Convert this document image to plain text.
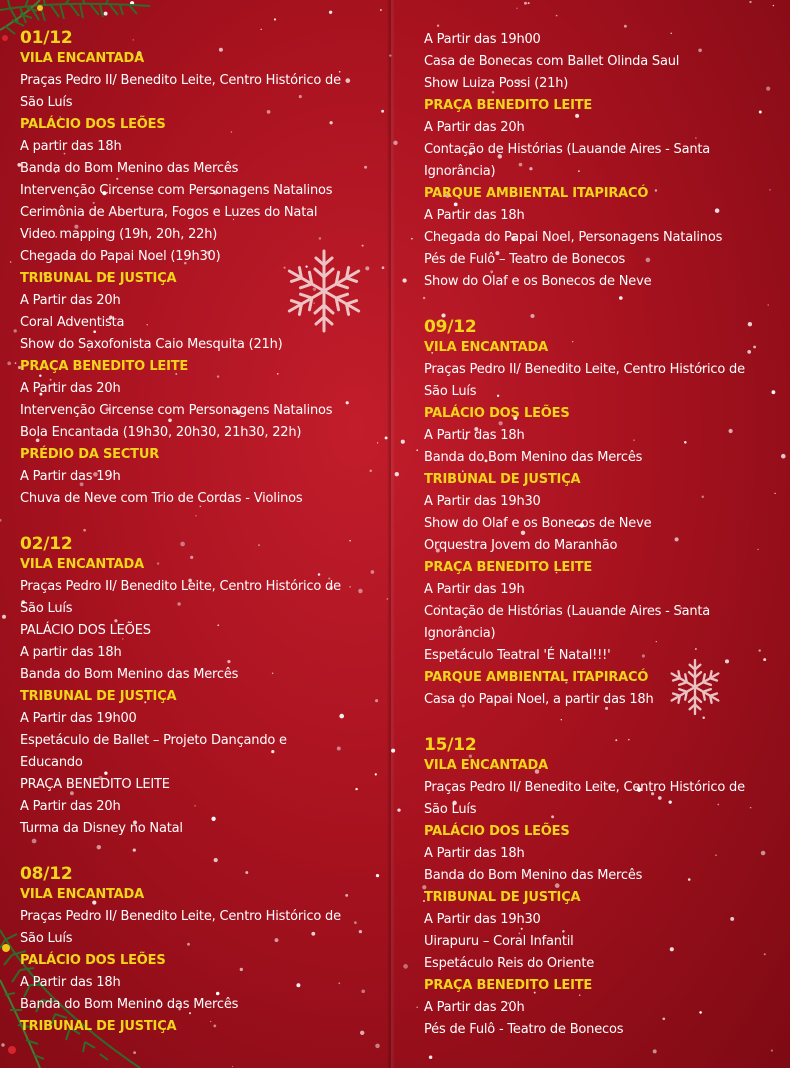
01/12
VILA ENCANTADA
Praças Pedro II/ Benedito Leite, Centro Histórico de
São Luís
PALÁCIO DOS LEÕES
A partir das 18h
Banda do Bom Menino das Mercês
Intervenção Circense com Personagens Natalinos
Cerimônia de Abertura, Fogos e Luzes do Natal
Video mapping (19h, 20h, 22h)
Chegada do Papai Noel (19h30)
TRIBUNAL DE JUSTIÇA
A Partir das 20h
Coral Adventista
Show do Saxofonista Caio Mesquita (21h)
PRAÇA BENEDITO LEITE
A Partir das 20h
Intervenção Circense com Personagens Natalinos
Bola Encantada (19h30, 20h30, 21h30, 22h)
PRÉDIO DA SECTUR
A Partir das 19h
Chuva de Neve com Trio de Cordas - Violinos
02/12
VILA ENCANTADA
Praças Pedro II/ Benedito Leite, Centro Histórico de
São Luís
PALÁCIO DOS LEÕES
A partir das 18h
Banda do Bom Menino das Mercês
TRIBUNAL DE JUSTIÇA
A Partir das 19h00
Espetáculo de Ballet – Projeto Dançando e
Educando
PRAÇA BENEDITO LEITE
A Partir das 20h
Turma da Disney no Natal
08/12
VILA ENCANTADA
Praças Pedro II/ Benedito Leite, Centro Histórico de
São Luís
PALÁCIO DOS LEÕES
A Partir das 18h
Banda do Bom Menino das Mercês
TRIBUNAL DE JUSTIÇA
A Partir das 19h00
Casa de Bonecas com Ballet Olinda Saul
Show Luiza Possi (21h)
PRAÇA BENEDITO LEITE
A Partir das 20h
Contação de Histórias (Lauande Aires - Santa
Ignorância)
PARQUE AMBIENTAL ITAPIRACÓ
A Partir das 18h
Chegada do Papai Noel, Personagens Natalinos
Pés de Fulô – Teatro de Bonecos
Show do Olaf e os Bonecos de Neve
09/12
VILA ENCANTADA
Praças Pedro II/ Benedito Leite, Centro Histórico de
São Luís
PALÁCIO DOS LEÕES
A Partir das 18h
Banda do Bom Menino das Mercês
TRIBUNAL DE JUSTIÇA
A Partir das 19h30
Show do Olaf e os Bonecos de Neve
Orquestra Jovem do Maranhão
PRAÇA BENEDITO LEITE
A Partir das 19h
Contação de Histórias (Lauande Aires - Santa
Ignorância)
Espetáculo Teatral 'É Natal!!!'
PARQUE AMBIENTAL ITAPIRACÓ
Casa do Papai Noel, a partir das 18h
15/12
VILA ENCANTADA
Praças Pedro II/ Benedito Leite, Centro Histórico de
São Luís
PALÁCIO DOS LEÕES
A Partir das 18h
Banda do Bom Menino das Mercês
TRIBUNAL DE JUSTIÇA
A Partir das 19h30
Uirapuru – Coral Infantil
Espetáculo Reis do Oriente
PRAÇA BENEDITO LEITE
A Partir das 20h
Pés de Fulô - Teatro de Bonecos
